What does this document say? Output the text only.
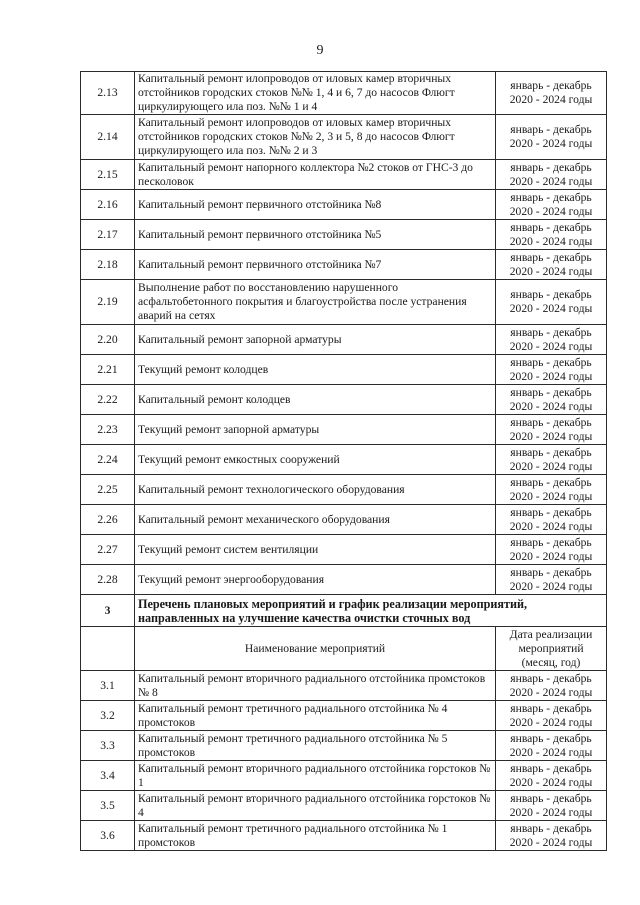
9
2.13	Капитальный ремонт илопроводов от иловых камер вторичных отстойников городских стоков №№ 1, 4 и 6, 7 до насосов Флюгт циркулирующего ила поз. №№ 1 и 4	январь - декабрь
2020 - 2024 годы

2.14	Капитальный ремонт илопроводов от иловых камер вторичных отстойников городских стоков №№ 2, 3 и 5, 8 до насосов Флюгт циркулирующего ила поз. №№ 2 и 3	январь - декабрь
2020 - 2024 годы

2.15	Капитальный ремонт напорного коллектора №2 стоков от ГНС-3 до песколовок	январь - декабрь
2020 - 2024 годы

2.16	Капитальный ремонт первичного отстойника №8	январь - декабрь
2020 - 2024 годы

2.17	Капитальный ремонт первичного отстойника №5	январь - декабрь
2020 - 2024 годы

2.18	Капитальный ремонт первичного отстойника №7	январь - декабрь
2020 - 2024 годы

2.19	Выполнение работ по восстановлению нарушенного асфальтобетонного покрытия и благоустройства после устранения аварий на сетях	январь - декабрь
2020 - 2024 годы

2.20	Капитальный ремонт запорной арматуры	январь - декабрь
2020 - 2024 годы

2.21	Текущий ремонт колодцев	январь - декабрь
2020 - 2024 годы

2.22	Капитальный ремонт колодцев	январь - декабрь
2020 - 2024 годы

2.23	Текущий ремонт запорной арматуры	январь - декабрь
2020 - 2024 годы

2.24	Текущий ремонт емкостных сооружений	январь - декабрь
2020 - 2024 годы

2.25	Капитальный ремонт технологического оборудования	январь - декабрь
2020 - 2024 годы

2.26	Капитальный ремонт механического оборудования	январь - декабрь
2020 - 2024 годы

2.27	Текущий ремонт систем вентиляции	январь - декабрь
2020 - 2024 годы

2.28	Текущий ремонт энергооборудования	январь - декабрь
2020 - 2024 годы

3	Перечень плановых мероприятий и график реализации мероприятий, направленных на улучшение качества очистки сточных вод	
	Наименование мероприятий	Дата реализации мероприятий (месяц, год)
3.1	Капитальный ремонт вторичного радиального отстойника промстоков № 8	январь - декабрь
2020 - 2024 годы

3.2	Капитальный ремонт третичного радиального отстойника № 4 промстоков	январь - декабрь
2020 - 2024 годы

3.3	Капитальный ремонт третичного радиального отстойника № 5 промстоков	январь - декабрь
2020 - 2024 годы

3.4	Капитальный ремонт вторичного радиального отстойника горстоков № 1	январь - декабрь
2020 - 2024 годы

3.5	Капитальный ремонт вторичного радиального отстойника горстоков № 4	январь - декабрь
2020 - 2024 годы

3.6	Капитальный ремонт третичного радиального отстойника № 1 промстоков	январь - декабрь
2020 - 2024 годы
